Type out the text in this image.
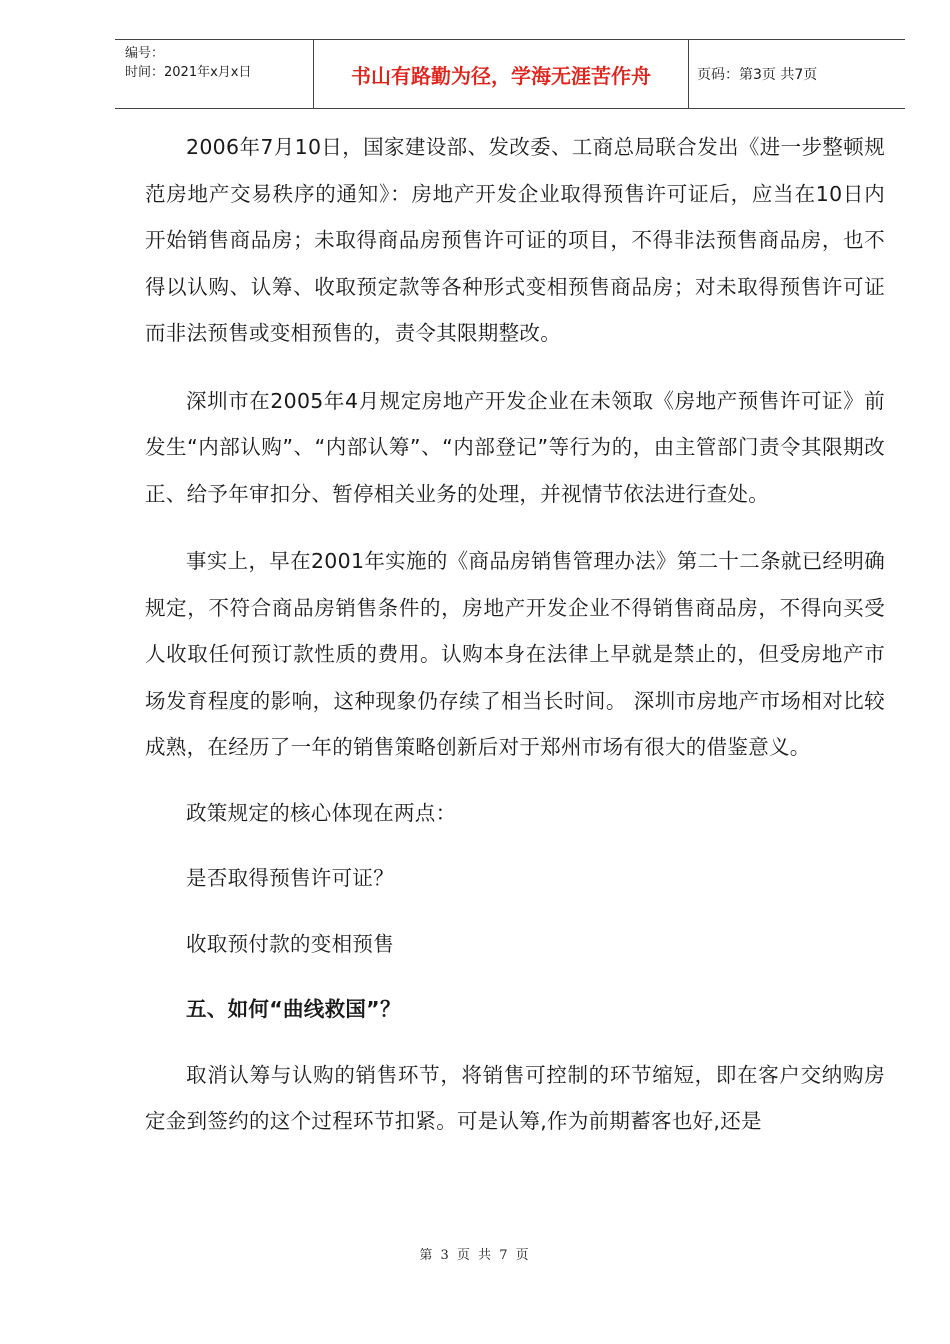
编号：
时间：2021年x月x日	书山有路勤为径，学海无涯苦作舟	页码：第3页 共7页

2006年7月10日，国家建设部、发改委、工商总局联合发出《进一步整顿规范房地产交易秩序的通知》：房地产开发企业取得预售许可证后，应当在10日内开始销售商品房；未取得商品房预售许可证的项目，不得非法预售商品房，也不得以认购、认筹、收取预定款等各种形式变相预售商品房；对未取得预售许可证而非法预售或变相预售的，责令其限期整改。

深圳市在2005年4月规定房地产开发企业在未领取《房地产预售许可证》前发生“内部认购”、“内部认筹”、“内部登记”等行为的，由主管部门责令其限期改正、给予年审扣分、暂停相关业务的处理，并视情节依法进行查处。

事实上，早在2001年实施的《商品房销售管理办法》第二十二条就已经明确规定，不符合商品房销售条件的，房地产开发企业不得销售商品房，不得向买受人收取任何预订款性质的费用。认购本身在法律上早就是禁止的，但受房地产市场发育程度的影响，这种现象仍存续了相当长时间。 深圳市房地产市场相对比较成熟，在经历了一年的销售策略创新后对于郑州市场有很大的借鉴意义。

政策规定的核心体现在两点：

是否取得预售许可证？

收取预付款的变相预售

五、如何“曲线救国”？

取消认筹与认购的销售环节，将销售可控制的环节缩短，即在客户交纳购房定金到签约的这个过程环节扣紧。可是认筹,作为前期蓄客也好,还是

第 3 页 共 7 页
